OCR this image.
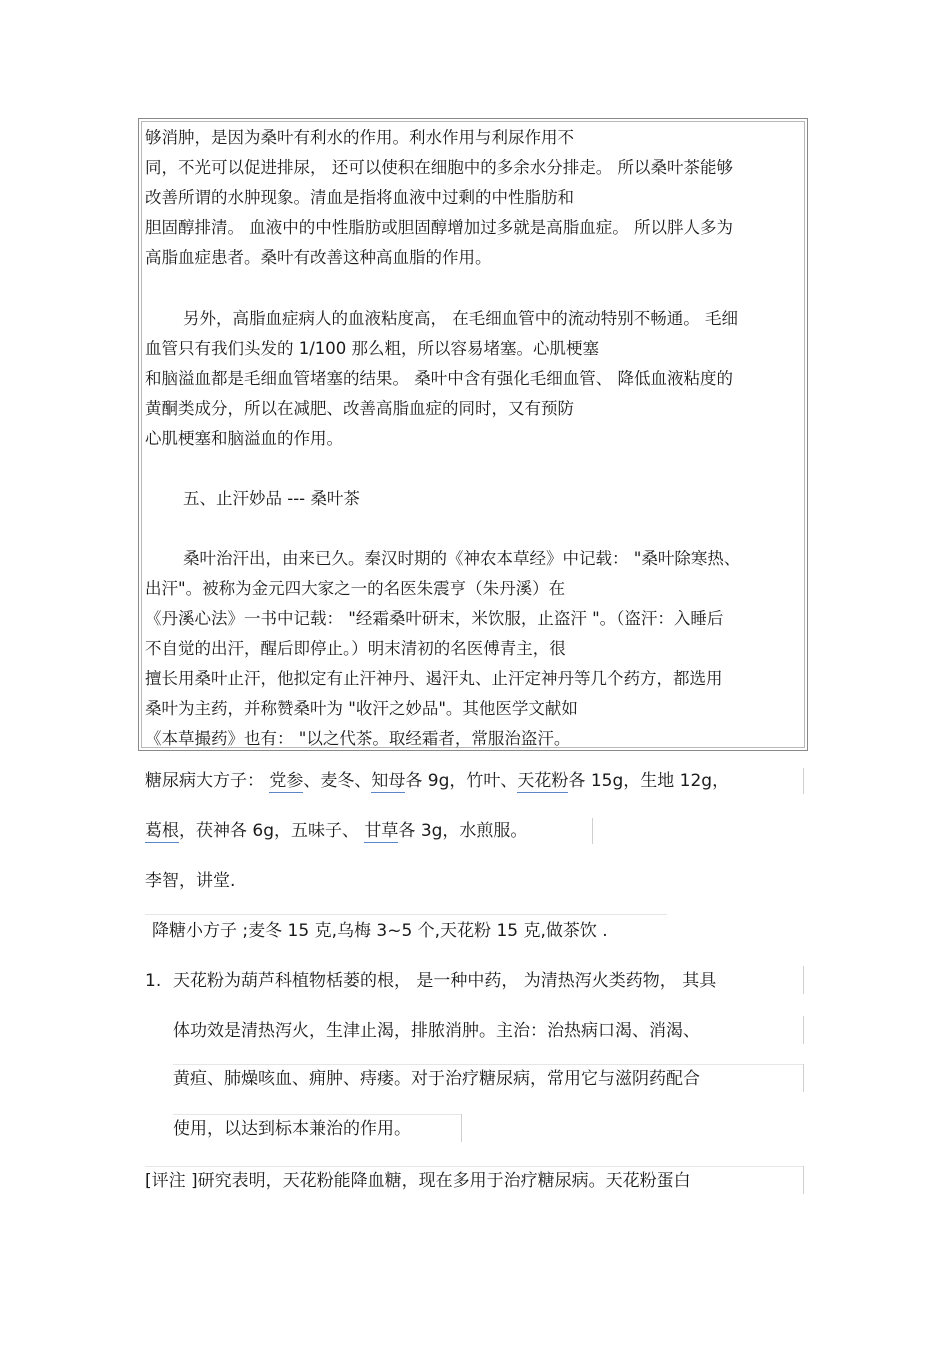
够消肿，是因为桑叶有利水的作用。利水作用与利尿作用不
同，不光可以促进排尿， 还可以使积在细胞中的多余水分排走。 所以桑叶茶能够
改善所谓的水肿现象。清血是指将血液中过剩的中性脂肪和
胆固醇排清。 血液中的中性脂肪或胆固醇增加过多就是高脂血症。 所以胖人多为
高脂血症患者。桑叶有改善这种高血脂的作用。
另外，高脂血症病人的血液粘度高， 在毛细血管中的流动特别不畅通。 毛细
血管只有我们头发的 1/100 那么粗，所以容易堵塞。心肌梗塞
和脑溢血都是毛细血管堵塞的结果。 桑叶中含有强化毛细血管、 降低血液粘度的
黄酮类成分，所以在减肥、改善高脂血症的同时，又有预防
心肌梗塞和脑溢血的作用。
五、止汗妙品 --- 桑叶茶
桑叶治汗出，由来已久。秦汉时期的《神农本草经》中记载： "桑叶除寒热、
出汗"。被称为金元四大家之一的名医朱震亨（朱丹溪）在
《丹溪心法》一书中记载： "经霜桑叶研末，米饮服，止盗汗 "。（盗汗：入睡后
不自觉的出汗，醒后即停止。）明末清初的名医傅青主，很
擅长用桑叶止汗，他拟定有止汗神丹、遏汗丸、止汗定神丹等几个药方，都选用
桑叶为主药，并称赞桑叶为 "收汗之妙品"。其他医学文献如
《本草撮药》也有： "以之代茶。取经霜者，常服治盗汗。
糖尿病大方子： 党参、麦冬、知母各 9g，竹叶、天花粉各 15g，生地 12g，
葛根，茯神各 6g，五味子、 甘草各 3g，水煎服。
李智，讲堂.
降糖小方子 ;麦冬 15 克,乌梅 3~5 个,天花粉 15 克,做茶饮 .
1. 天花粉为葫芦科植物栝蒌的根， 是一种中药， 为清热泻火类药物， 其具
体功效是清热泻火，生津止渴，排脓消肿。主治：治热病口渴、消渴、
黄疸、肺燥咳血、痈肿、痔瘘。对于治疗糖尿病，常用它与滋阴药配合
使用，以达到标本兼治的作用。
[评注 ]研究表明，天花粉能降血糖，现在多用于治疗糖尿病。天花粉蛋白
